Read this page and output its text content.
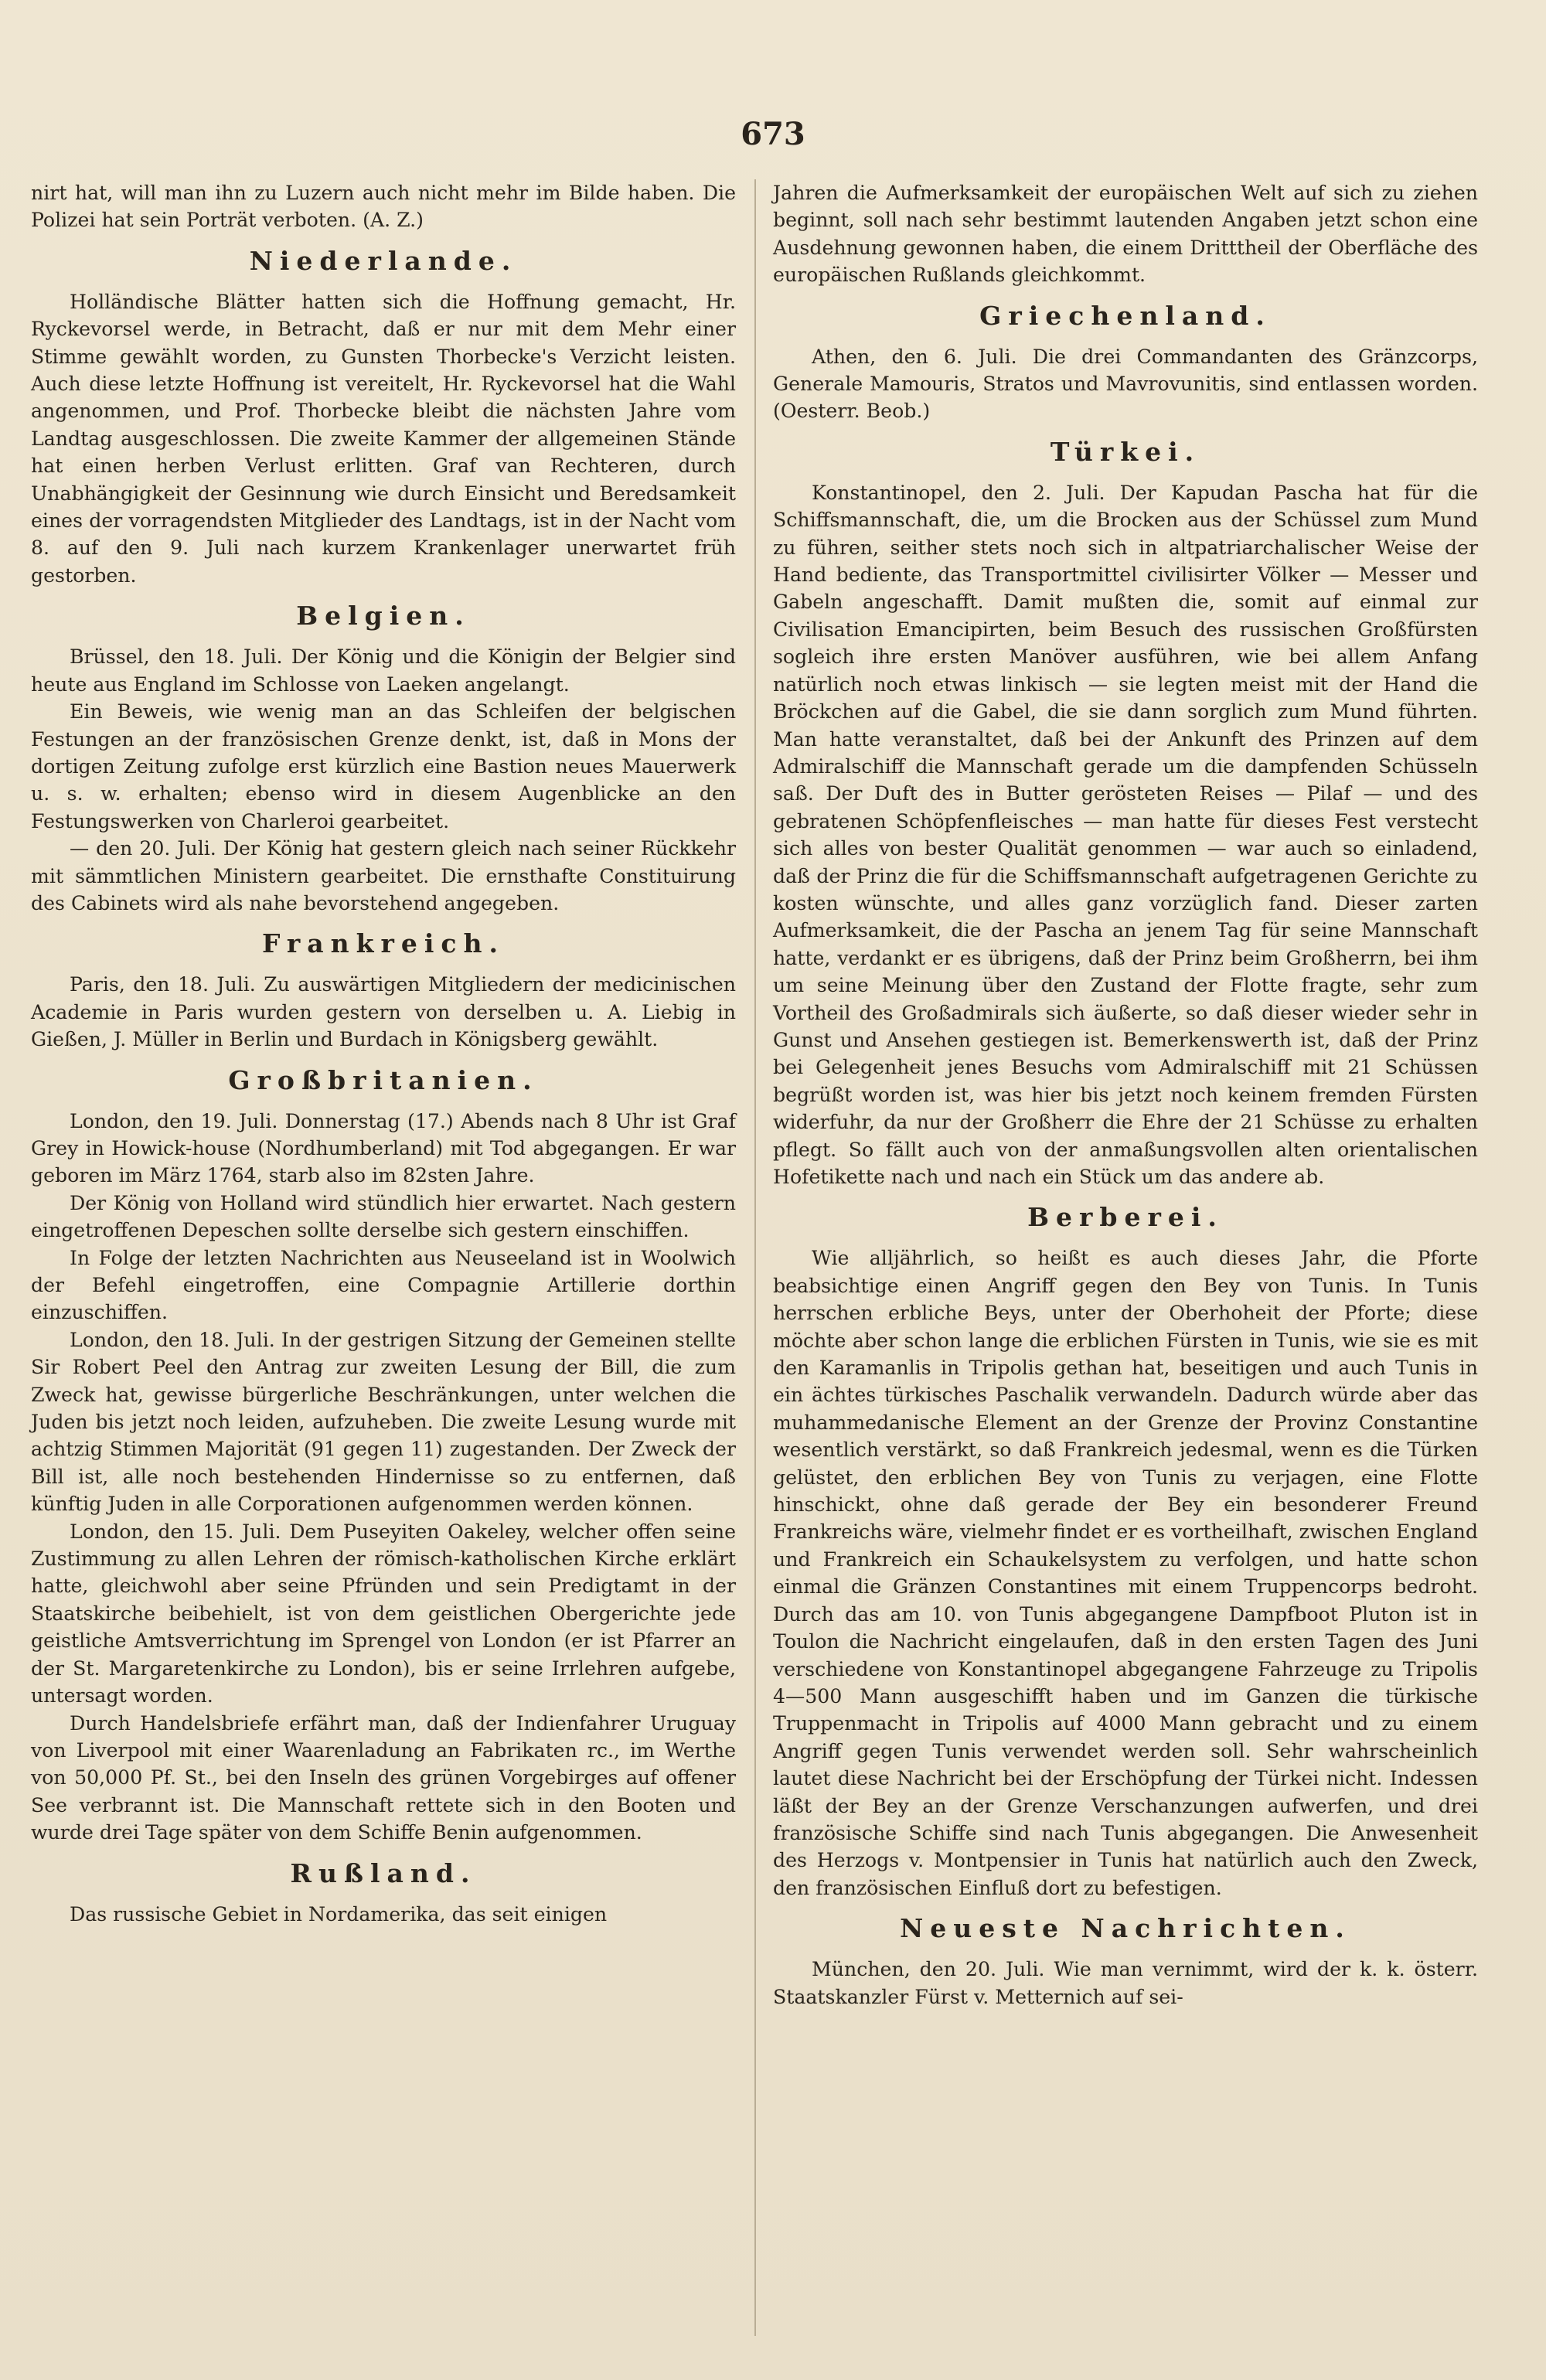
673

nirt hat, will man ihn zu Luzern auch nicht mehr im Bilde haben. Die Polizei hat sein Porträt verboten. (A. Z.)

Niederlande.

Holländische Blätter hatten sich die Hoffnung gemacht, Hr. Ryckevorsel werde, in Betracht, daß er nur mit dem Mehr einer Stimme gewählt worden, zu Gunsten Thorbecke's Verzicht leisten. Auch diese letzte Hoffnung ist vereitelt, Hr. Ryckevorsel hat die Wahl angenommen, und Prof. Thorbecke bleibt die nächsten Jahre vom Landtag ausgeschlossen. Die zweite Kammer der allgemeinen Stände hat einen herben Verlust erlitten. Graf van Rechteren, durch Unabhängigkeit der Gesinnung wie durch Einsicht und Beredsamkeit eines der vorragendsten Mitglieder des Landtags, ist in der Nacht vom 8. auf den 9. Juli nach kurzem Krankenlager unerwartet früh gestorben.

Belgien.

Brüssel, den 18. Juli. Der König und die Königin der Belgier sind heute aus England im Schlosse von Laeken angelangt.

Ein Beweis, wie wenig man an das Schleifen der belgischen Festungen an der französischen Grenze denkt, ist, daß in Mons der dortigen Zeitung zufolge erst kürzlich eine Bastion neues Mauerwerk u. s. w. erhalten; ebenso wird in diesem Augenblicke an den Festungswerken von Charleroi gearbeitet.

— den 20. Juli. Der König hat gestern gleich nach seiner Rückkehr mit sämmtlichen Ministern gearbeitet. Die ernsthafte Constituirung des Cabinets wird als nahe bevorstehend angegeben.

Frankreich.

Paris, den 18. Juli. Zu auswärtigen Mitgliedern der medicinischen Academie in Paris wurden gestern von derselben u. A. Liebig in Gießen, J. Müller in Berlin und Burdach in Königsberg gewählt.

Großbritanien.

London, den 19. Juli. Donnerstag (17.) Abends nach 8 Uhr ist Graf Grey in Howick-house (Nordhumberland) mit Tod abgegangen. Er war geboren im März 1764, starb also im 82sten Jahre.

Der König von Holland wird stündlich hier erwartet. Nach gestern eingetroffenen Depeschen sollte derselbe sich gestern einschiffen.

In Folge der letzten Nachrichten aus Neuseeland ist in Woolwich der Befehl eingetroffen, eine Compagnie Artillerie dorthin einzuschiffen.

London, den 18. Juli. In der gestrigen Sitzung der Gemeinen stellte Sir Robert Peel den Antrag zur zweiten Lesung der Bill, die zum Zweck hat, gewisse bürgerliche Beschränkungen, unter welchen die Juden bis jetzt noch leiden, aufzuheben. Die zweite Lesung wurde mit achtzig Stimmen Majorität (91 gegen 11) zugestanden. Der Zweck der Bill ist, alle noch bestehenden Hindernisse so zu entfernen, daß künftig Juden in alle Corporationen aufgenommen werden können.

London, den 15. Juli. Dem Puseyiten Oakeley, welcher offen seine Zustimmung zu allen Lehren der römisch-katholischen Kirche erklärt hatte, gleichwohl aber seine Pfründen und sein Predigtamt in der Staatskirche beibehielt, ist von dem geistlichen Obergerichte jede geistliche Amtsverrichtung im Sprengel von London (er ist Pfarrer an der St. Margaretenkirche zu London), bis er seine Irrlehren aufgebe, untersagt worden.

Durch Handelsbriefe erfährt man, daß der Indienfahrer Uruguay von Liverpool mit einer Waarenladung an Fabrikaten rc., im Werthe von 50,000 Pf. St., bei den Inseln des grünen Vorgebirges auf offener See verbrannt ist. Die Mannschaft rettete sich in den Booten und wurde drei Tage später von dem Schiffe Benin aufgenommen.

Rußland.

Das russische Gebiet in Nordamerika, das seit einigen

Jahren die Aufmerksamkeit der europäischen Welt auf sich zu ziehen beginnt, soll nach sehr bestimmt lautenden Angaben jetzt schon eine Ausdehnung gewonnen haben, die einem Dritttheil der Oberfläche des europäischen Rußlands gleichkommt.

Griechenland.

Athen, den 6. Juli. Die drei Commandanten des Gränzcorps, Generale Mamouris, Stratos und Mavrovunitis, sind entlassen worden. (Oesterr. Beob.)

Türkei.

Konstantinopel, den 2. Juli. Der Kapudan Pascha hat für die Schiffsmannschaft, die, um die Brocken aus der Schüssel zum Mund zu führen, seither stets noch sich in altpatriarchalischer Weise der Hand bediente, das Transportmittel civilisirter Völker — Messer und Gabeln angeschafft. Damit mußten die, somit auf einmal zur Civilisation Emancipirten, beim Besuch des russischen Großfürsten sogleich ihre ersten Manöver ausführen, wie bei allem Anfang natürlich noch etwas linkisch — sie legten meist mit der Hand die Bröckchen auf die Gabel, die sie dann sorglich zum Mund führten. Man hatte veranstaltet, daß bei der Ankunft des Prinzen auf dem Admiralschiff die Mannschaft gerade um die dampfenden Schüsseln saß. Der Duft des in Butter gerösteten Reises — Pilaf — und des gebratenen Schöpfenfleisches — man hatte für dieses Fest verstecht sich alles von bester Qualität genommen — war auch so einladend, daß der Prinz die für die Schiffsmannschaft aufgetragenen Gerichte zu kosten wünschte, und alles ganz vorzüglich fand. Dieser zarten Aufmerksamkeit, die der Pascha an jenem Tag für seine Mannschaft hatte, verdankt er es übrigens, daß der Prinz beim Großherrn, bei ihm um seine Meinung über den Zustand der Flotte fragte, sehr zum Vortheil des Großadmirals sich äußerte, so daß dieser wieder sehr in Gunst und Ansehen gestiegen ist. Bemerkenswerth ist, daß der Prinz bei Gelegenheit jenes Besuchs vom Admiralschiff mit 21 Schüssen begrüßt worden ist, was hier bis jetzt noch keinem fremden Fürsten widerfuhr, da nur der Großherr die Ehre der 21 Schüsse zu erhalten pflegt. So fällt auch von der anmaßungsvollen alten orientalischen Hofetikette nach und nach ein Stück um das andere ab.

Berberei.

Wie alljährlich, so heißt es auch dieses Jahr, die Pforte beabsichtige einen Angriff gegen den Bey von Tunis. In Tunis herrschen erbliche Beys, unter der Oberhoheit der Pforte; diese möchte aber schon lange die erblichen Fürsten in Tunis, wie sie es mit den Karamanlis in Tripolis gethan hat, beseitigen und auch Tunis in ein ächtes türkisches Paschalik verwandeln. Dadurch würde aber das muhammedanische Element an der Grenze der Provinz Constantine wesentlich verstärkt, so daß Frankreich jedesmal, wenn es die Türken gelüstet, den erblichen Bey von Tunis zu verjagen, eine Flotte hinschickt, ohne daß gerade der Bey ein besonderer Freund Frankreichs wäre, vielmehr findet er es vortheilhaft, zwischen England und Frankreich ein Schaukelsystem zu verfolgen, und hatte schon einmal die Gränzen Constantines mit einem Truppencorps bedroht. Durch das am 10. von Tunis abgegangene Dampfboot Pluton ist in Toulon die Nachricht eingelaufen, daß in den ersten Tagen des Juni verschiedene von Konstantinopel abgegangene Fahrzeuge zu Tripolis 4—500 Mann ausgeschifft haben und im Ganzen die türkische Truppenmacht in Tripolis auf 4000 Mann gebracht und zu einem Angriff gegen Tunis verwendet werden soll. Sehr wahrscheinlich lautet diese Nachricht bei der Erschöpfung der Türkei nicht. Indessen läßt der Bey an der Grenze Verschanzungen aufwerfen, und drei französische Schiffe sind nach Tunis abgegangen. Die Anwesenheit des Herzogs v. Montpensier in Tunis hat natürlich auch den Zweck, den französischen Einfluß dort zu befestigen.

Neueste Nachrichten.

München, den 20. Juli. Wie man vernimmt, wird der k. k. österr. Staatskanzler Fürst v. Metternich auf sei-
